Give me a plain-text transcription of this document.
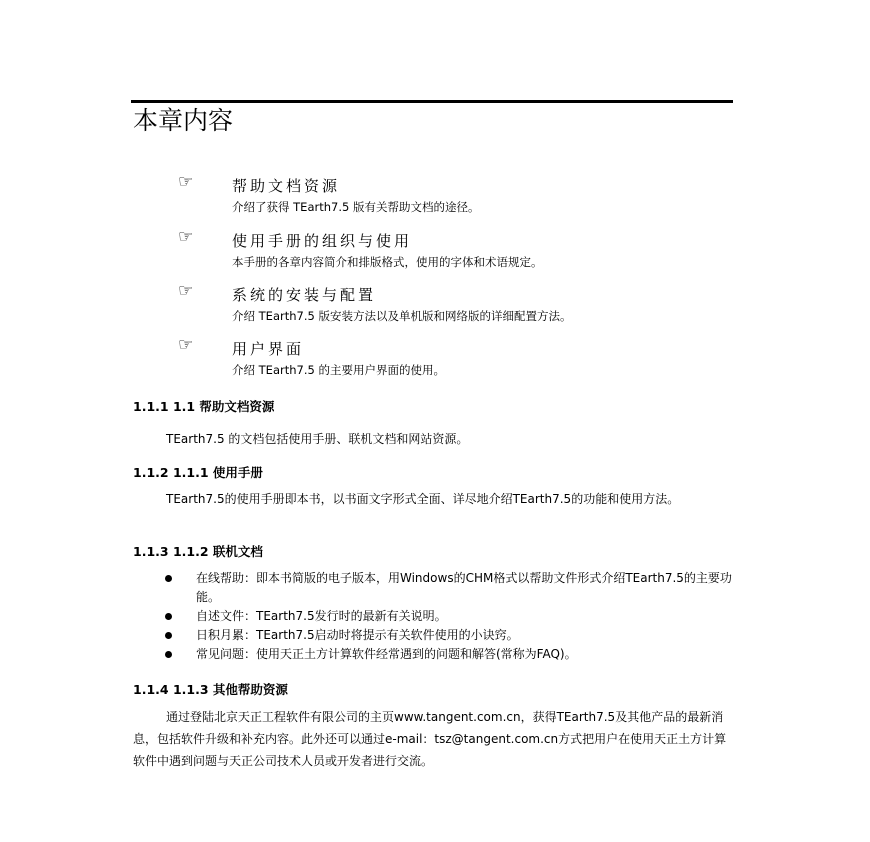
本章内容
☞	帮助文档资源
介绍了获得 TEarth7.5 版有关帮助文档的途径。
☞	使用手册的组织与使用
本手册的各章内容简介和排版格式，使用的字体和术语规定。
☞	系统的安装与配置
介绍 TEarth7.5 版安装方法以及单机版和网络版的详细配置方法。
☞	用户界面
介绍 TEarth7.5 的主要用户界面的使用。
1.1.1 1.1 帮助文档资源

TEarth7.5 的文档包括使用手册、联机文档和网站资源。

1.1.2 1.1.1 使用手册

TEarth7.5的使用手册即本书，以书面文字形式全面、详尽地介绍TEarth7.5的功能和使用方法。

1.1.3 1.1.2 联机文档
在线帮助：即本书简版的电子版本，用Windows的CHM格式以帮助文件形式介绍TEarth7.5的主要功能。
自述文件：TEarth7.5发行时的最新有关说明。
日积月累：TEarth7.5启动时将提示有关软件使用的小诀窍。
常见问题：使用天正土方计算软件经常遇到的问题和解答(常称为FAQ)。
1.1.4 1.1.3 其他帮助资源

通过登陆北京天正工程软件有限公司的主页www.tangent.com.cn，获得TEarth7.5及其他产品的最新消息，包括软件升级和补充内容。此外还可以通过e-mail：tsz@tangent.com.cn方式把用户在使用天正土方计算软件中遇到问题与天正公司技术人员或开发者进行交流。
